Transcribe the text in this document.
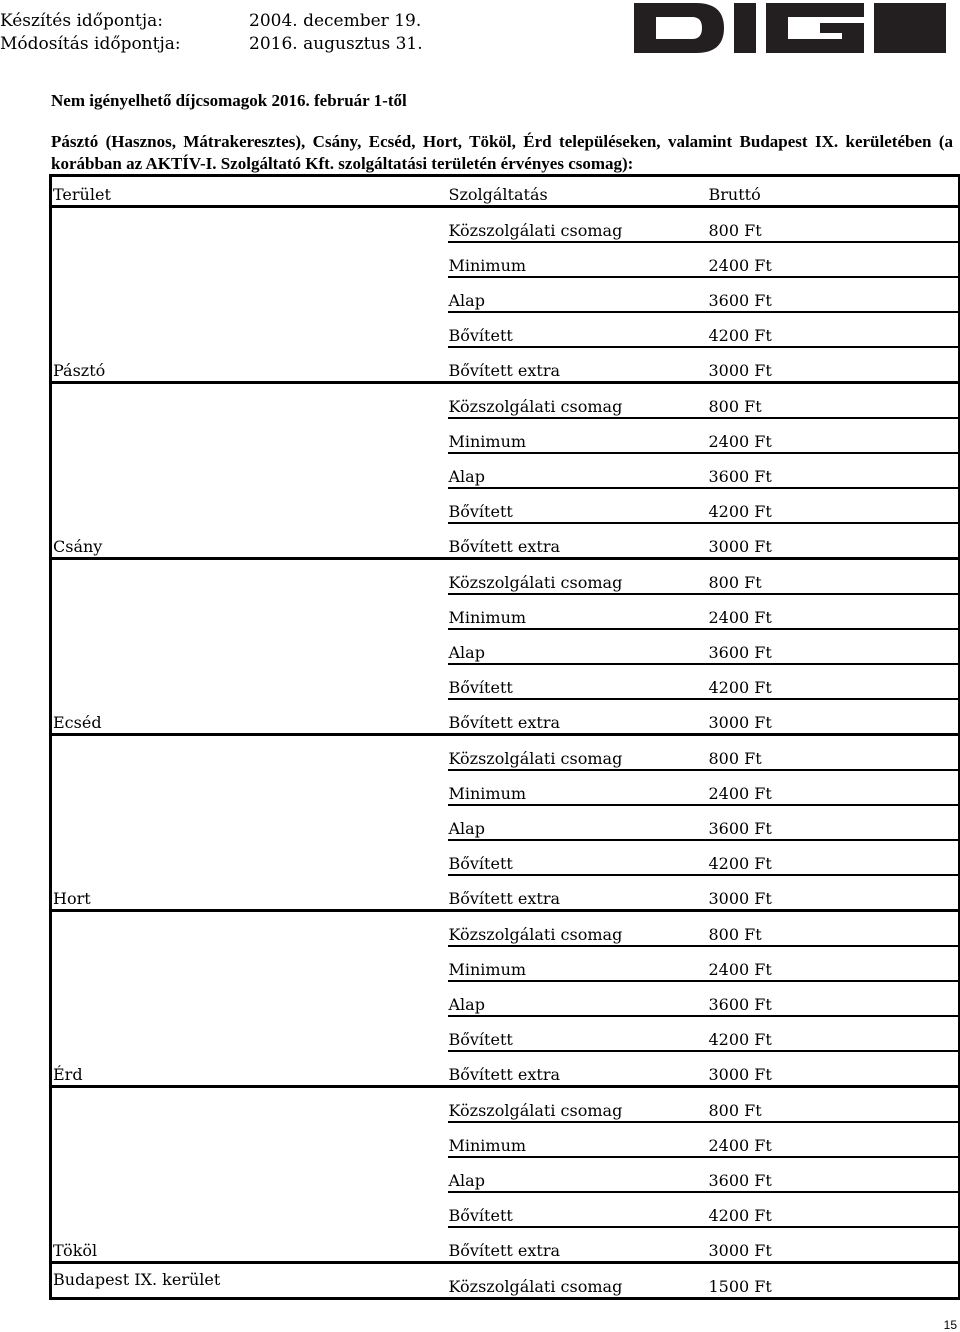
Készítés időpontja:	2004. december 19.
Módosítás időpontja:	2016. augusztus 31.
Nem igényelhető díjcsomagok 2016. február 1-től
Pásztó (Hasznos, Mátrakeresztes), Csány, Ecséd, Hort, Tököl, Érd településeken, valamint Budapest IX. kerületében (a korábban az AKTÍV-I. Szolgáltató Kft. szolgáltatási területén érvényes csomag):
Terület	Szolgáltatás	Bruttó
Pásztó	Közszolgálati csomag	800 Ft
	Minimum	2400 Ft
	Alap	3600 Ft
	Bővített	4200 Ft
	Bővített extra	3000 Ft
Csány	Közszolgálati csomag	800 Ft
	Minimum	2400 Ft
	Alap	3600 Ft
	Bővített	4200 Ft
	Bővített extra	3000 Ft
Ecséd	Közszolgálati csomag	800 Ft
	Minimum	2400 Ft
	Alap	3600 Ft
	Bővített	4200 Ft
	Bővített extra	3000 Ft
Hort	Közszolgálati csomag	800 Ft
	Minimum	2400 Ft
	Alap	3600 Ft
	Bővített	4200 Ft
	Bővített extra	3000 Ft
Érd	Közszolgálati csomag	800 Ft
	Minimum	2400 Ft
	Alap	3600 Ft
	Bővített	4200 Ft
	Bővített extra	3000 Ft
Tököl	Közszolgálati csomag	800 Ft
	Minimum	2400 Ft
	Alap	3600 Ft
	Bővített	4200 Ft
	Bővített extra	3000 Ft
Budapest IX. kerület	Közszolgálati csomag	1500 Ft
15
